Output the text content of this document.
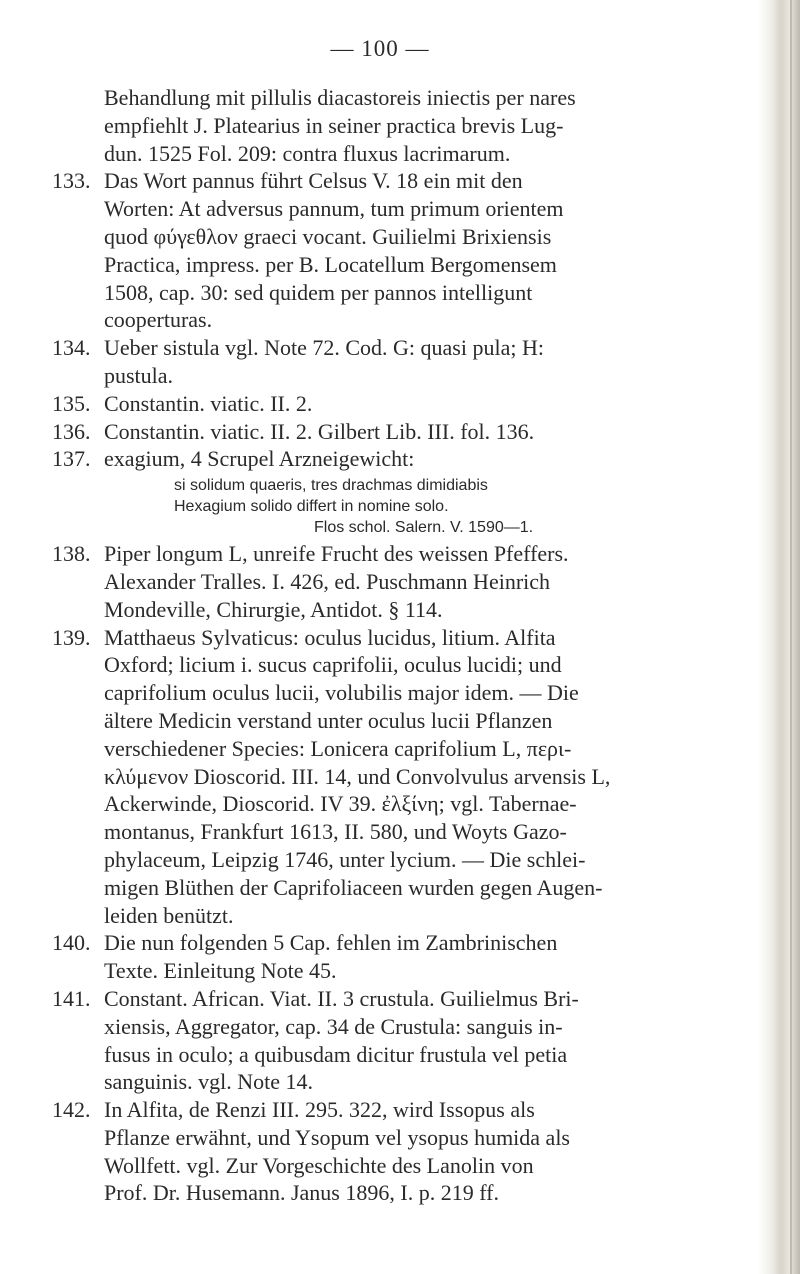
— 100 —
Behandlung mit pillulis diacastoreis iniectis per nares
empfiehlt J. Platearius in seiner practica brevis Lug-
dun. 1525 Fol. 209: contra fluxus lacrimarum.
133. Das Wort pannus führt Celsus V. 18 ein mit den
Worten: At adversus pannum, tum primum orientem
quod φύγεθλον graeci vocant. Guilielmi Brixiensis
Practica, impress. per B. Locatellum Bergomensem
1508, cap. 30: sed quidem per pannos intelligunt
cooperturas.
134. Ueber sistula vgl. Note 72. Cod. G: quasi pula; H:
pustula.
135. Constantin. viatic. II. 2.
136. Constantin. viatic. II. 2. Gilbert Lib. III. fol. 136.
137. exagium, 4 Scrupel Arzneigewicht:
si solidum quaeris, tres drachmas dimidiabis
Hexagium solido differt in nomine solo.
Flos schol. Salern. V. 1590—1.
138. Piper longum L, unreife Frucht des weissen Pfeffers.
Alexander Tralles. I. 426, ed. Puschmann Heinrich
Mondeville, Chirurgie, Antidot. § 114.
139. Matthaeus Sylvaticus: oculus lucidus, litium. Alfita
Oxford; licium i. sucus caprifolii, oculus lucidi; und
caprifolium oculus lucii, volubilis major idem. — Die
ältere Medicin verstand unter oculus lucii Pflanzen
verschiedener Species: Lonicera caprifolium L, περι-
κλύμενον Dioscorid. III. 14, und Convolvulus arvensis L,
Ackerwinde, Dioscorid. IV 39. ἐλξίνη; vgl. Tabernae-
montanus, Frankfurt 1613, II. 580, und Woyts Gazo-
phylaceum, Leipzig 1746, unter lycium. — Die schlei-
migen Blüthen der Caprifoliaceen wurden gegen Augen-
leiden benützt.
140. Die nun folgenden 5 Cap. fehlen im Zambrinischen
Texte. Einleitung Note 45.
141. Constant. African. Viat. II. 3 crustula. Guilielmus Bri-
xiensis, Aggregator, cap. 34 de Crustula: sanguis in-
fusus in oculo; a quibusdam dicitur frustula vel petia
sanguinis. vgl. Note 14.
142. In Alfita, de Renzi III. 295. 322, wird Issopus als
Pflanze erwähnt, und Ysopum vel ysopus humida als
Wollfett. vgl. Zur Vorgeschichte des Lanolin von
Prof. Dr. Husemann. Janus 1896, I. p. 219 ff.
